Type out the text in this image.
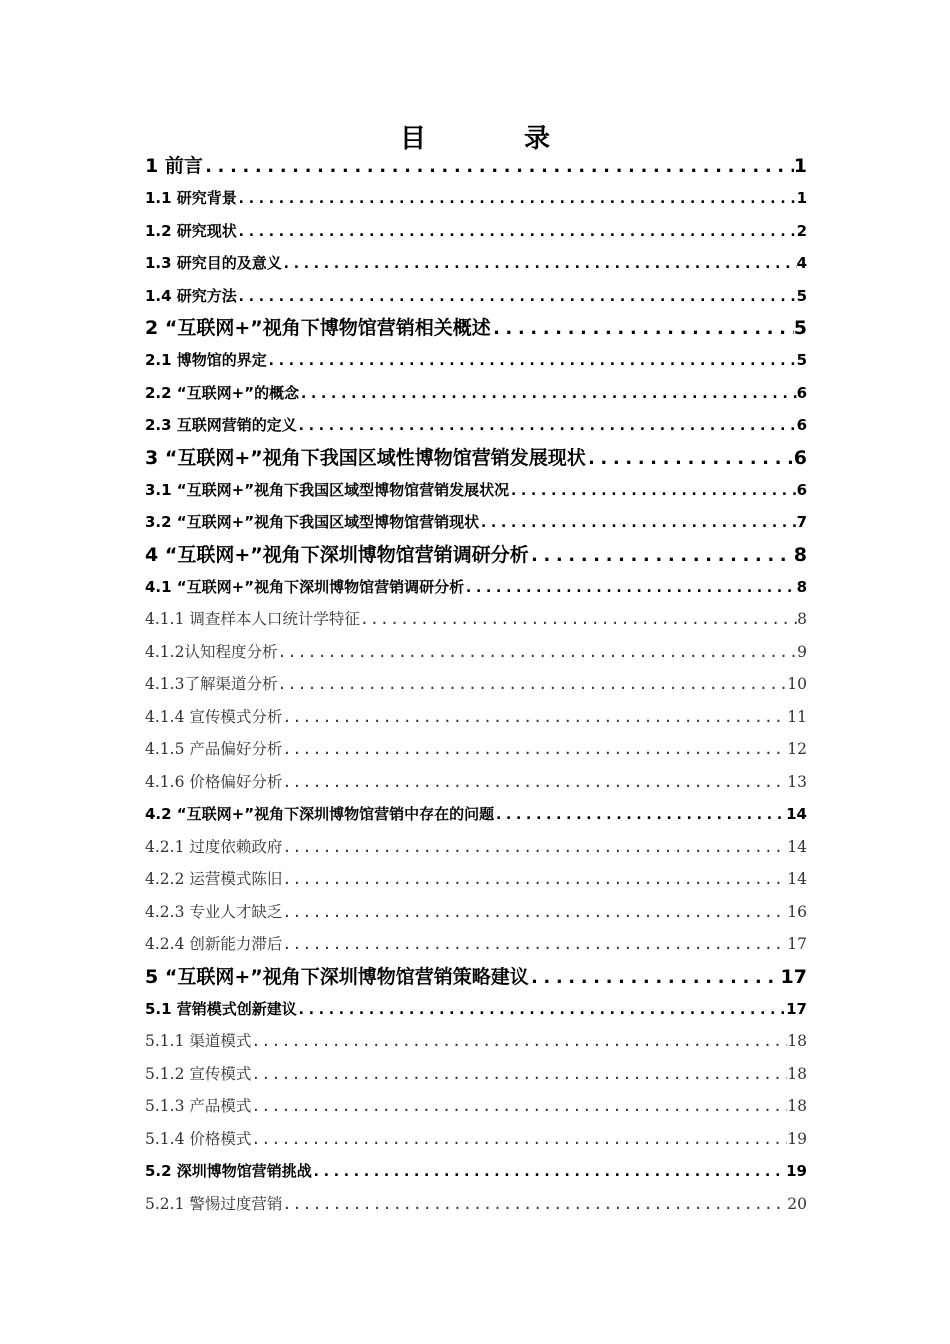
目　录
1 前言 .....	1
1.1 研究背景 .....	1
1.2 研究现状 .....	2
1.3 研究目的及意义 .....	4
1.4 研究方法 .....	5
2 “互联网+”视角下博物馆营销相关概述 .....	5
2.1 博物馆的界定 .....	5
2.2 “互联网+”的概念 .....	6
2.3 互联网营销的定义 .....	6
3 “互联网+”视角下我国区域性博物馆营销发展现状 .....	6
3.1 “互联网+”视角下我国区域型博物馆营销发展状况 .....	6
3.2 “互联网+”视角下我国区域型博物馆营销现状 .....	7
4 “互联网+”视角下深圳博物馆营销调研分析 .....	8
4.1 “互联网+”视角下深圳博物馆营销调研分析 .....	8
4.1.1 调查样本人口统计学特征 .....	8
4.1.2认知程度分析 .....	9
4.1.3了解渠道分析 .....	10
4.1.4 宣传模式分析 .....	11
4.1.5 产品偏好分析 .....	12
4.1.6 价格偏好分析 .....	13
4.2 “互联网+”视角下深圳博物馆营销中存在的问题 .....	14
4.2.1 过度依赖政府 .....	14
4.2.2 运营模式陈旧 .....	14
4.2.3 专业人才缺乏 .....	16
4.2.4 创新能力滞后 .....	17
5 “互联网+”视角下深圳博物馆营销策略建议 .....	17
5.1 营销模式创新建议 .....	17
5.1.1 渠道模式 .....	18
5.1.2 宣传模式 .....	18
5.1.3 产品模式 .....	18
5.1.4 价格模式 .....	19
5.2 深圳博物馆营销挑战 .....	19
5.2.1 警惕过度营销 .....	20
